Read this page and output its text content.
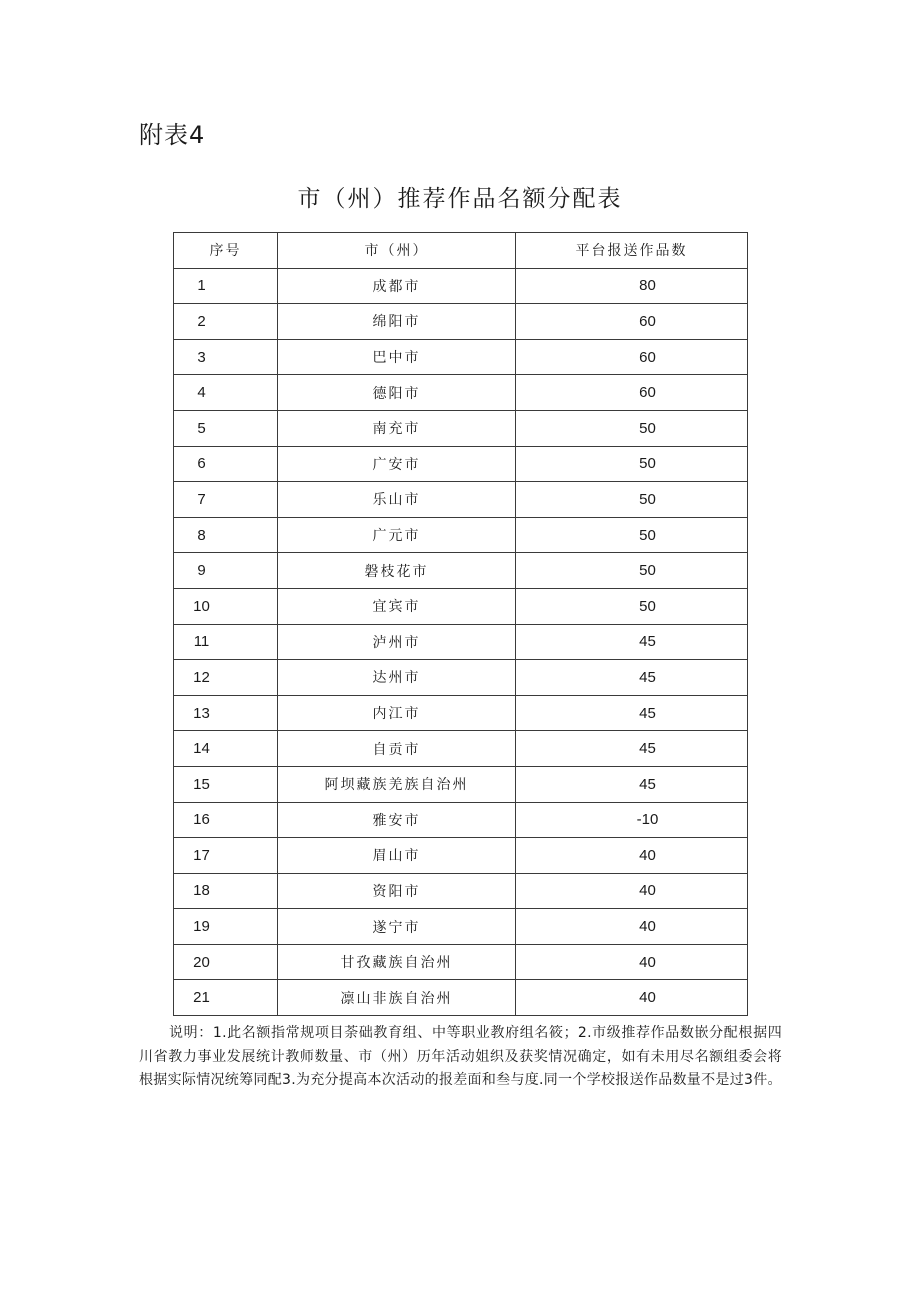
附表4
市（州）推荐作品名额分配表
序号	市（州）	平台报送作品数
1	成都市	80
2	绵阳市	60
3	巴中市	60
4	德阳市	60
5	南充市	50
6	广安市	50
7	乐山市	50
8	广元市	50
9	磐枝花市	50
10	宜宾市	50
11	泸州市	45
12	达州市	45
13	内江市	45
14	自贡市	45
15	阿坝藏族羌族自治州	45
16	雅安市	-10
17	眉山市	40
18	资阳市	40
19	遂宁市	40
20	甘孜藏族自治州	40
21	凛山非族自治州	40
说明：1.此名额指常规项目荼础教育组、中等职业教府组名筱；2.市级推荐作品数嵌分配根据四川省教力事业发展统计教师数量、市（州）历年活动姐织及获奖情况确定，如有未用尽名额组委会将根据实际情况统筹同配3.为充分提高本次活动的报差面和叁与度.同一个学校报送作品数量不是过3件。
